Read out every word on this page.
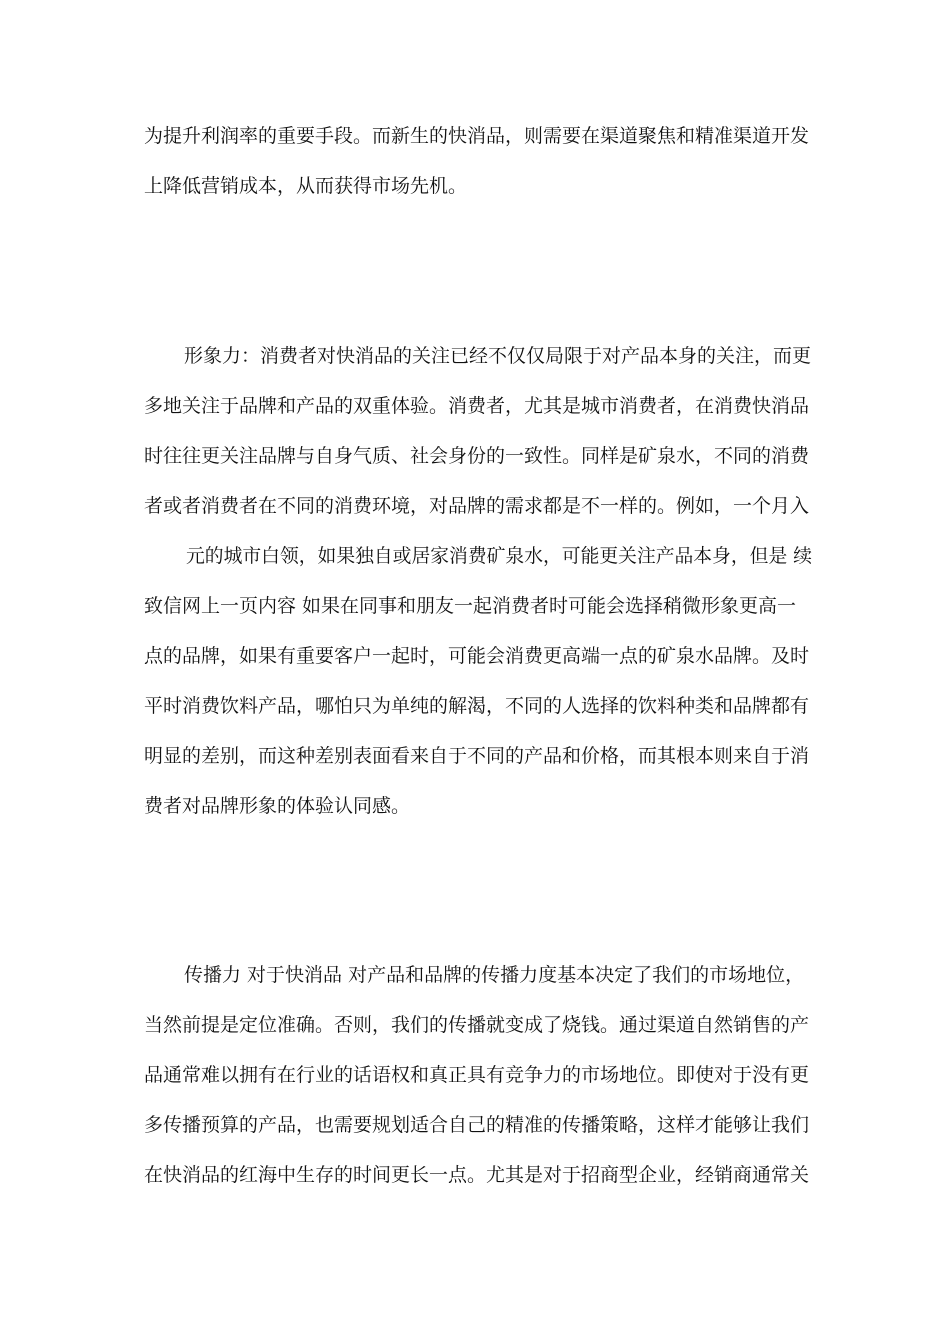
为提升利润率的重要手段。而新生的快消品，则需要在渠道聚焦和精准渠道开发
上降低营销成本，从而获得市场先机。
形象力：消费者对快消品的关注已经不仅仅局限于对产品本身的关注，而更
多地关注于品牌和产品的双重体验。消费者，尤其是城市消费者，在消费快消品
时往往更关注品牌与自身气质、社会身份的一致性。同样是矿泉水，不同的消费
者或者消费者在不同的消费环境，对品牌的需求都是不一样的。例如，一个月入
元的城市白领，如果独自或居家消费矿泉水，可能更关注产品本身，但是 续
致信网上一页内容 如果在同事和朋友一起消费者时可能会选择稍微形象更高一
点的品牌，如果有重要客户一起时，可能会消费更高端一点的矿泉水品牌。及时
平时消费饮料产品，哪怕只为单纯的解渴，不同的人选择的饮料种类和品牌都有
明显的差别，而这种差别表面看来自于不同的产品和价格，而其根本则来自于消
费者对品牌形象的体验认同感。
传播力 对于快消品 对产品和品牌的传播力度基本决定了我们的市场地位，
当然前提是定位准确。否则，我们的传播就变成了烧钱。通过渠道自然销售的产
品通常难以拥有在行业的话语权和真正具有竞争力的市场地位。即使对于没有更
多传播预算的产品，也需要规划适合自己的精准的传播策略，这样才能够让我们
在快消品的红海中生存的时间更长一点。尤其是对于招商型企业，经销商通常关
